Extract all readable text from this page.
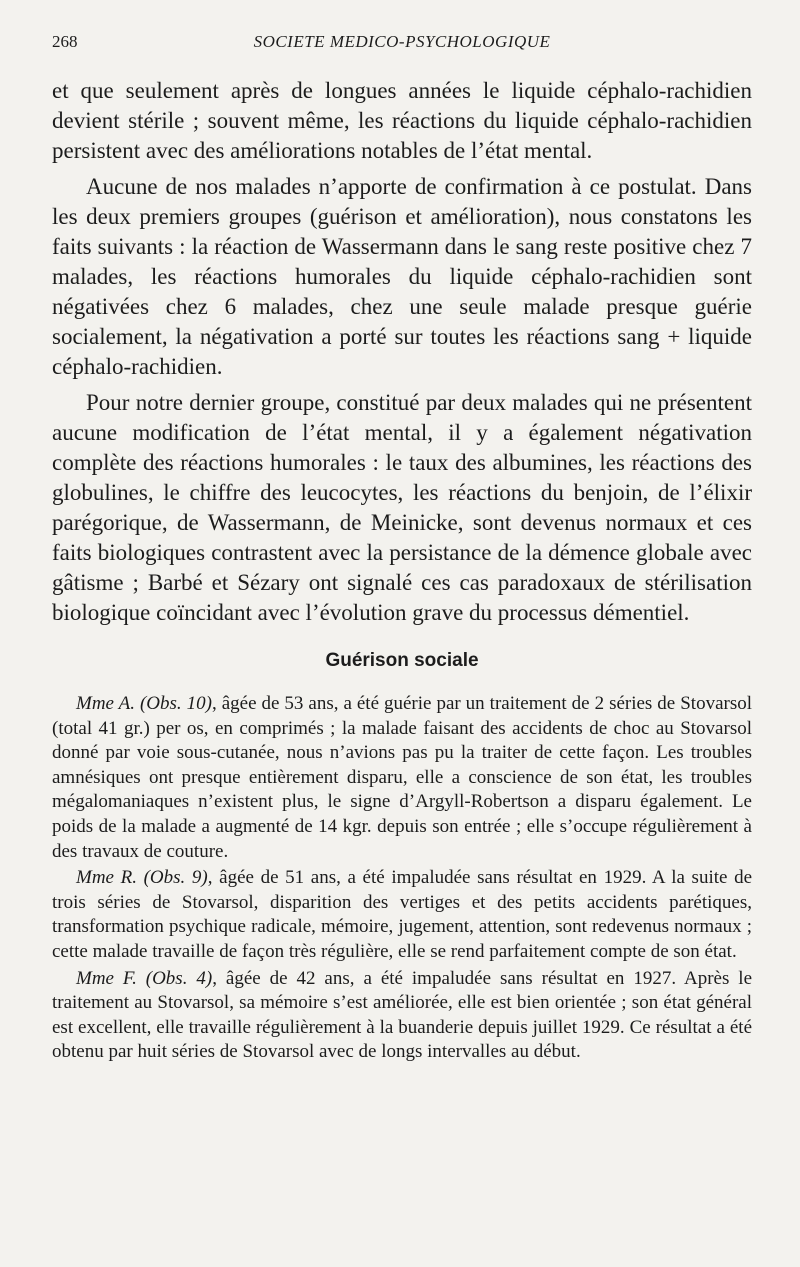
268	SOCIETE MEDICO-PSYCHOLOGIQUE

et que seulement après de longues années le liquide céphalo-rachidien devient stérile ; souvent même, les réactions du liquide céphalo-rachidien persistent avec des améliorations notables de l’état mental.

Aucune de nos malades n’apporte de confirmation à ce postulat. Dans les deux premiers groupes (guérison et amélioration), nous constatons les faits suivants : la réaction de Wassermann dans le sang reste positive chez 7 malades, les réactions humorales du liquide céphalo-rachidien sont négativées chez 6 malades, chez une seule malade presque guérie socialement, la négativation a porté sur toutes les réactions sang + liquide céphalo-rachidien.

Pour notre dernier groupe, constitué par deux malades qui ne présentent aucune modification de l’état mental, il y a également négativation complète des réactions humorales : le taux des albumines, les réactions des globulines, le chiffre des leucocytes, les réactions du benjoin, de l’élixir parégorique, de Wassermann, de Meinicke, sont devenus normaux et ces faits biologiques contrastent avec la persistance de la démence globale avec gâtisme ; Barbé et Sézary ont signalé ces cas paradoxaux de stérilisation biologique coïncidant avec l’évolution grave du processus démentiel.

Guérison sociale

Mme A. (Obs. 10), âgée de 53 ans, a été guérie par un traitement de 2 séries de Stovarsol (total 41 gr.) per os, en comprimés ; la malade faisant des accidents de choc au Stovarsol donné par voie sous-cutanée, nous n’avions pas pu la traiter de cette façon. Les troubles amnésiques ont presque entièrement disparu, elle a conscience de son état, les troubles mégalomaniaques n’existent plus, le signe d’Argyll-Robertson a disparu également. Le poids de la malade a augmenté de 14 kgr. depuis son entrée ; elle s’occupe régulièrement à des travaux de couture.

Mme R. (Obs. 9), âgée de 51 ans, a été impaludée sans résultat en 1929. A la suite de trois séries de Stovarsol, disparition des vertiges et des petits accidents parétiques, transformation psychique radicale, mémoire, jugement, attention, sont redevenus normaux ; cette malade travaille de façon très régulière, elle se rend parfaitement compte de son état.

Mme F. (Obs. 4), âgée de 42 ans, a été impaludée sans résultat en 1927. Après le traitement au Stovarsol, sa mémoire s’est améliorée, elle est bien orientée ; son état général est excellent, elle travaille régulièrement à la buanderie depuis juillet 1929. Ce résultat a été obtenu par huit séries de Stovarsol avec de longs intervalles au début.
